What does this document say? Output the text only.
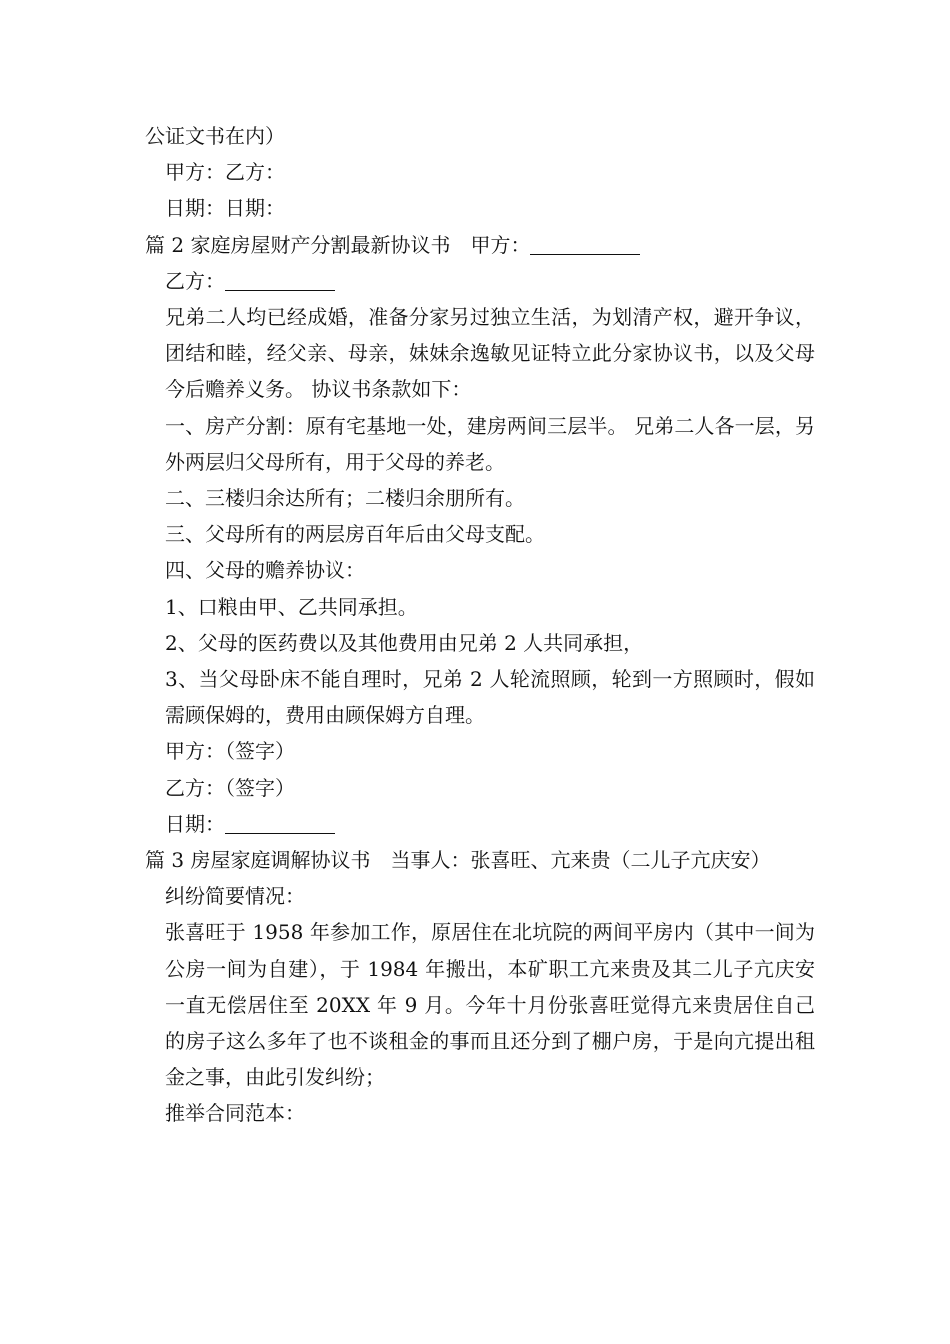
公证文书在内）

甲方：乙方：

日期：日期：

篇 2 家庭房屋财产分割最新协议书 甲方：

乙方：

兄弟二人均已经成婚，准备分家另过独立生活，为划清产权，避开争议，团结和睦，经父亲、母亲，妹妹余逸敏见证特立此分家协议书，以及父母今后赡养义务。 协议书条款如下：

一、房产分割：原有宅基地一处，建房两间三层半。 兄弟二人各一层，另外两层归父母所有，用于父母的养老。

二、三楼归余达所有；二楼归余朋所有。

三、父母所有的两层房百年后由父母支配。

四、父母的赡养协议：

1、口粮由甲、乙共同承担。

2、父母的医药费以及其他费用由兄弟 2 人共同承担，

3、当父母卧床不能自理时，兄弟 2 人轮流照顾，轮到一方照顾时，假如需顾保姆的，费用由顾保姆方自理。

甲方：（签字）

乙方：（签字）

日期：

篇 3 房屋家庭调解协议书 当事人：张喜旺、亢来贵（二儿子亢庆安）

纠纷简要情况：

张喜旺于 1958 年参加工作，原居住在北坑院的两间平房内（其中一间为公房一间为自建），于 1984 年搬出，本矿职工亢来贵及其二儿子亢庆安一直无偿居住至 20XX 年 9 月。今年十月份张喜旺觉得亢来贵居住自己的房子这么多年了也不谈租金的事而且还分到了棚户房，于是向亢提出租金之事，由此引发纠纷；

推举合同范本：
